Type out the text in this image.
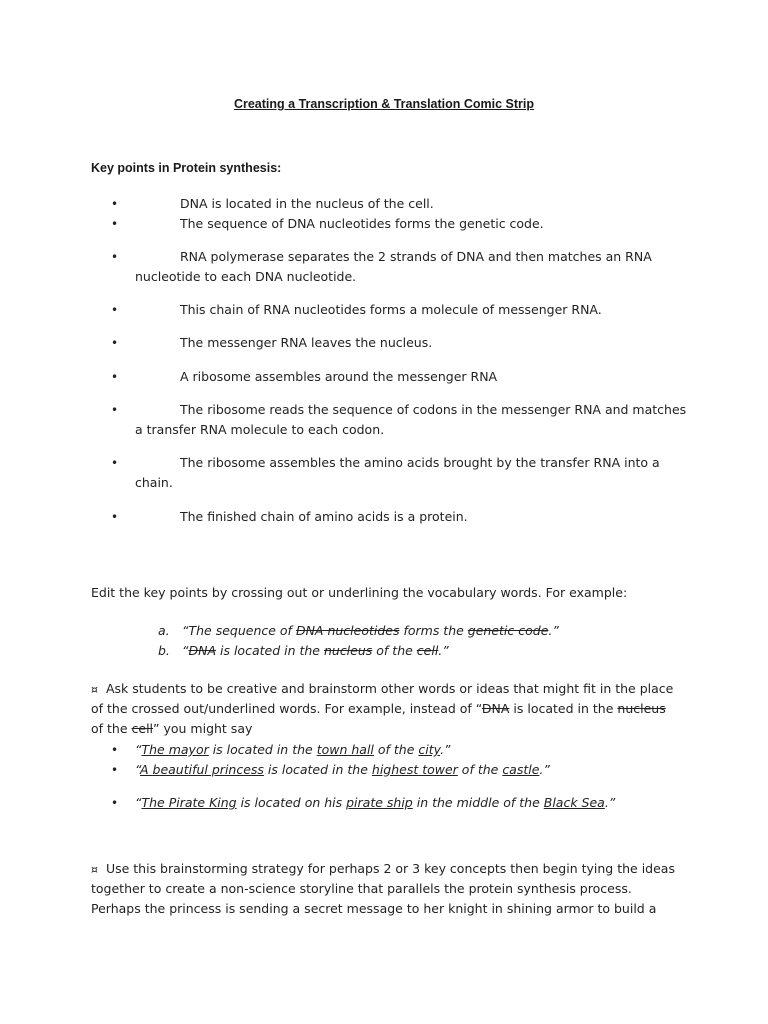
Creating a Transcription & Translation Comic Strip
Key points in Protein synthesis:
•	DNA is located in the nucleus of the cell.
•	The sequence of DNA nucleotides forms the genetic code.
•	RNA polymerase separates the 2 strands of DNA and then matches an RNA
nucleotide to each DNA nucleotide.
•	This chain of RNA nucleotides forms a molecule of messenger RNA.
•	The messenger RNA leaves the nucleus.
•	A ribosome assembles around the messenger RNA
•	The ribosome reads the sequence of codons in the messenger RNA and matches
a transfer RNA molecule to each codon.
•	The ribosome assembles the amino acids brought by the transfer RNA into a
chain.
•	The finished chain of amino acids is a protein.
Edit the key points by crossing out or underlining the vocabulary words. For example:
a. “The sequence of DNA nucleotides forms the genetic code.”
b. “DNA is located in the nucleus of the cell.”
¤ Ask students to be creative and brainstorm other words or ideas that might fit in the place
of the crossed out/underlined words. For example, instead of “DNA is located in the nucleus
of the cell” you might say
• “The mayor is located in the town hall of the city.”
• “A beautiful princess is located in the highest tower of the castle.”
• “The Pirate King is located on his pirate ship in the middle of the Black Sea.”
¤ Use this brainstorming strategy for perhaps 2 or 3 key concepts then begin tying the ideas
together to create a non-science storyline that parallels the protein synthesis process.
Perhaps the princess is sending a secret message to her knight in shining armor to build a
